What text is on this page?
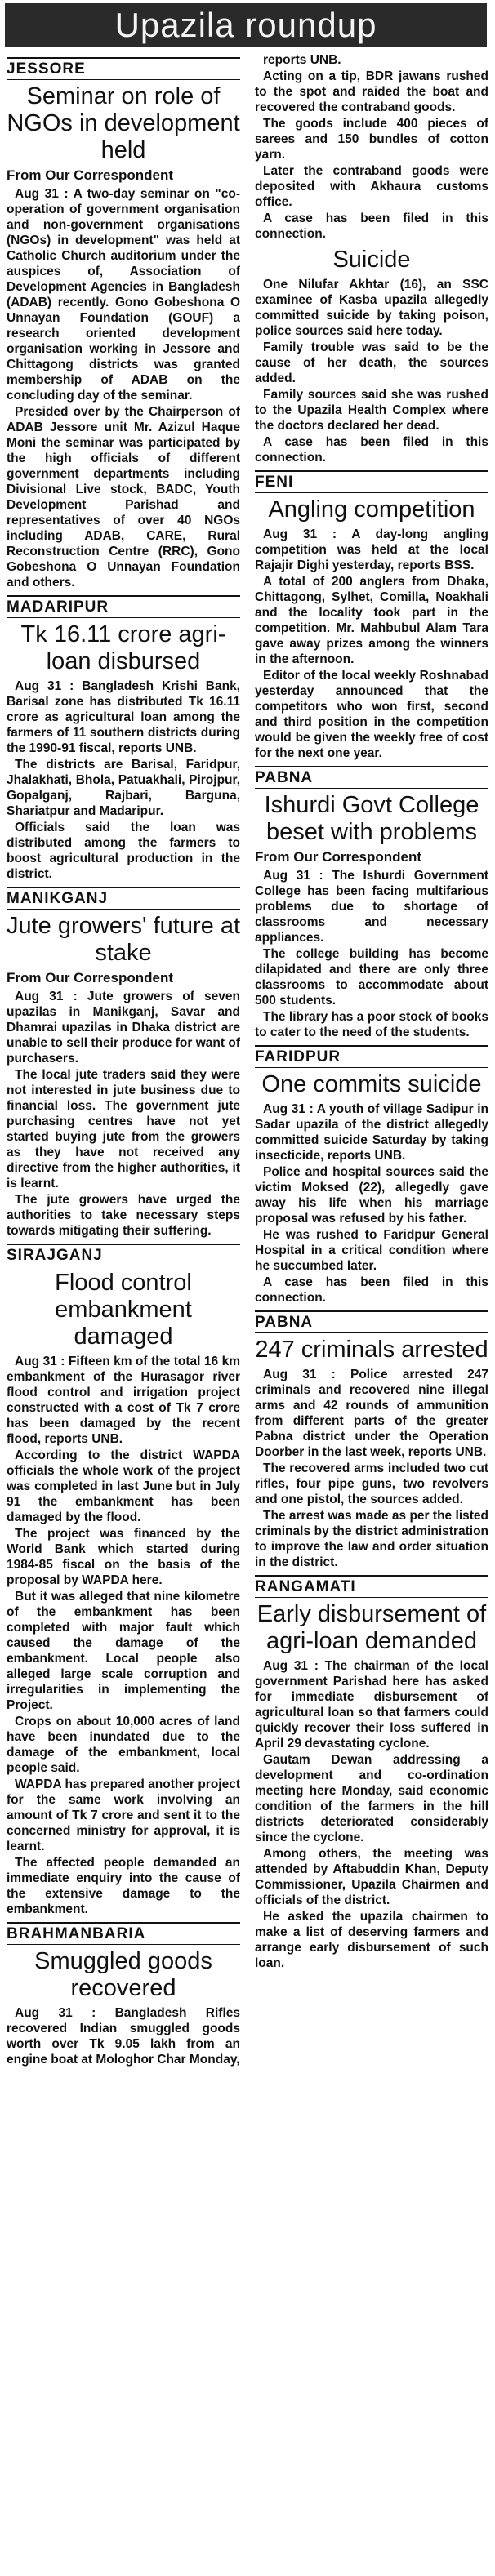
Upazila roundup
JESSORE
Seminar on role of NGOs in development held
From Our Correspondent

Aug 31 : A two-day seminar on "co-operation of government organisation and non-government organisations (NGOs) in development" was held at Catholic Church auditorium under the auspices of, Association of Development Agencies in Bangladesh (ADAB) recently. Gono Gobeshona O Unnayan Foundation (GOUF) a research oriented development organisation working in Jessore and Chittagong districts was granted membership of ADAB on the concluding day of the seminar.

Presided over by the Chairperson of ADAB Jessore unit Mr. Azizul Haque Moni the seminar was participated by the high officials of different government departments including Divisional Live stock, BADC, Youth Development Parishad and representatives of over 40 NGOs including ADAB, CARE, Rural Reconstruction Centre (RRC), Gono Gobeshona O Unnayan Foundation and others.

MADARIPUR
Tk 16.11 crore agri-loan disbursed

Aug 31 : Bangladesh Krishi Bank, Barisal zone has distributed Tk 16.11 crore as agricultural loan among the farmers of 11 southern districts during the 1990-91 fiscal, reports UNB.

The districts are Barisal, Faridpur, Jhalakhati, Bhola, Patuakhali, Pirojpur, Gopalganj, Rajbari, Barguna, Shariatpur and Madaripur.

Officials said the loan was distributed among the farmers to boost agricultural production in the district.

MANIKGANJ
Jute growers' future at stake
From Our Correspondent

Aug 31 : Jute growers of seven upazilas in Manikganj, Savar and Dhamrai upazilas in Dhaka district are unable to sell their produce for want of purchasers.

The local jute traders said they were not interested in jute business due to financial loss. The government jute purchasing centres have not yet started buying jute from the growers as they have not received any directive from the higher authorities, it is learnt.

The jute growers have urged the authorities to take necessary steps towards mitigating their suffering.

SIRAJGANJ
Flood control embankment damaged

Aug 31 : Fifteen km of the total 16 km embankment of the Hurasagor river flood control and irrigation project constructed with a cost of Tk 7 crore has been damaged by the recent flood, reports UNB.

According to the district WAPDA officials the whole work of the project was completed in last June but in July 91 the embankment has been damaged by the flood.

The project was financed by the World Bank which started during 1984-85 fiscal on the basis of the proposal by WAPDA here.

But it was alleged that nine kilometre of the embankment has been completed with major fault which caused the damage of the embankment. Local people also alleged large scale corruption and irregularities in implementing the Project.

Crops on about 10,000 acres of land have been inundated due to the damage of the embankment, local people said.

WAPDA has prepared another project for the same work involving an amount of Tk 7 crore and sent it to the concerned ministry for approval, it is learnt.

The affected people demanded an immediate enquiry into the cause of the extensive damage to the embankment.

BRAHMANBARIA
Smuggled goods recovered

Aug 31 : Bangladesh Rifles recovered Indian smuggled goods worth over Tk 9.05 lakh from an engine boat at Mologhor Char Monday,

reports UNB.

Acting on a tip, BDR jawans rushed to the spot and raided the boat and recovered the contraband goods.

The goods include 400 pieces of sarees and 150 bundles of cotton yarn.

Later the contraband goods were deposited with Akhaura customs office.

A case has been filed in this connection.

Suicide

One Nilufar Akhtar (16), an SSC examinee of Kasba upazila allegedly committed suicide by taking poison, police sources said here today.

Family trouble was said to be the cause of her death, the sources added.

Family sources said she was rushed to the Upazila Health Complex where the doctors declared her dead.

A case has been filed in this connection.

FENI
Angling competition

Aug 31 : A day-long angling competition was held at the local Rajajir Dighi yesterday, reports BSS.

A total of 200 anglers from Dhaka, Chittagong, Sylhet, Comilla, Noakhali and the locality took part in the competition. Mr. Mahbubul Alam Tara gave away prizes among the winners in the afternoon.

Editor of the local weekly Roshnabad yesterday announced that the competitors who won first, second and third position in the competition would be given the weekly free of cost for the next one year.

PABNA
Ishurdi Govt College beset with problems
From Our Correspondent

Aug 31 : The Ishurdi Government College has been facing multifarious problems due to shortage of classrooms and necessary appliances.

The college building has become dilapidated and there are only three classrooms to accommodate about 500 students.

The library has a poor stock of books to cater to the need of the students.

FARIDPUR
One commits suicide

Aug 31 : A youth of village Sadipur in Sadar upazila of the district allegedly committed suicide Saturday by taking insecticide, reports UNB.

Police and hospital sources said the victim Moksed (22), allegedly gave away his life when his marriage proposal was refused by his father.

He was rushed to Faridpur General Hospital in a critical condition where he succumbed later.

A case has been filed in this connection.

PABNA
247 criminals arrested

Aug 31 : Police arrested 247 criminals and recovered nine illegal arms and 42 rounds of ammunition from different parts of the greater Pabna district under the Operation Doorber in the last week, reports UNB.

The recovered arms included two cut rifles, four pipe guns, two revolvers and one pistol, the sources added.

The arrest was made as per the listed criminals by the district administration to improve the law and order situation in the district.

RANGAMATI
Early disbursement of agri-loan demanded

Aug 31 : The chairman of the local government Parishad here has asked for immediate disbursement of agricultural loan so that farmers could quickly recover their loss suffered in April 29 devastating cyclone.

Gautam Dewan addressing a development and co-ordination meeting here Monday, said economic condition of the farmers in the hill districts deteriorated considerably since the cyclone.

Among others, the meeting was attended by Aftabuddin Khan, Deputy Commissioner, Upazila Chairmen and officials of the district.

He asked the upazila chairmen to make a list of deserving farmers and arrange early disbursement of such loan.
